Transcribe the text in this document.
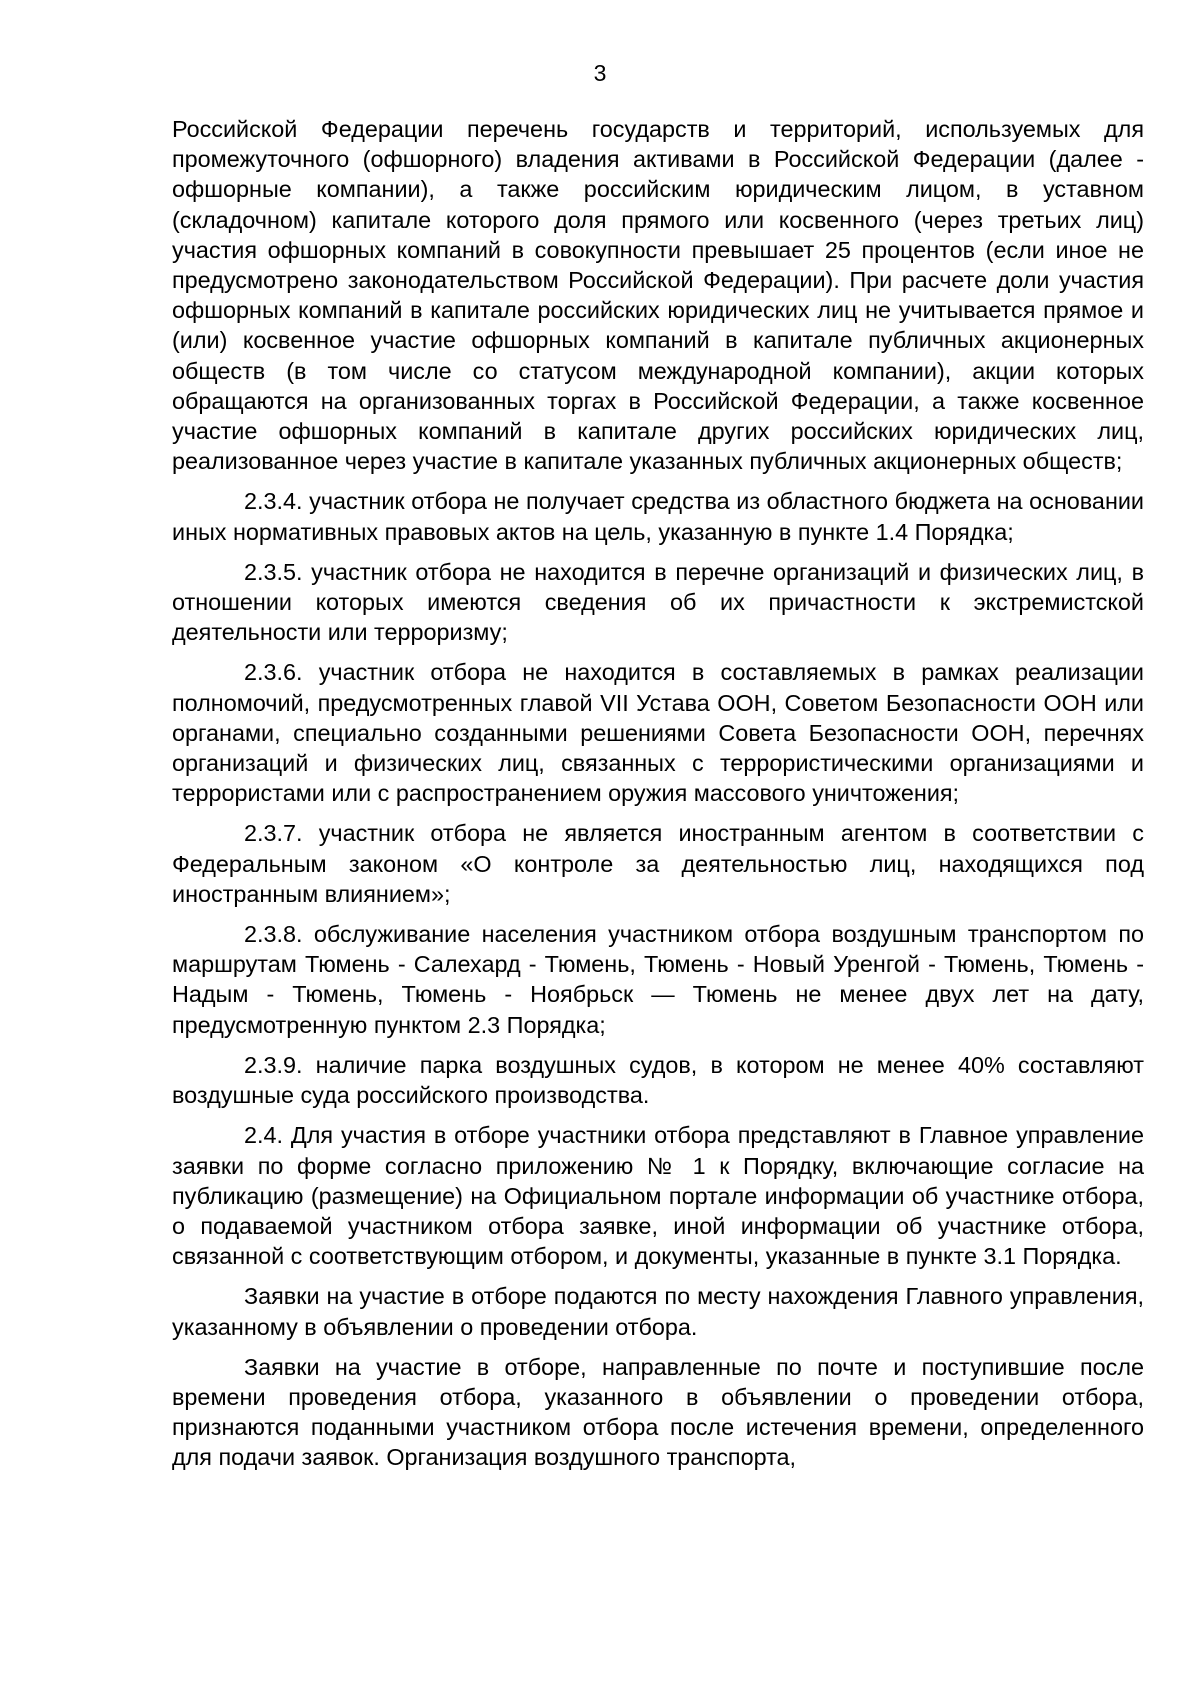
3

Российской Федерации перечень государств и территорий, используемых для промежуточного (офшорного) владения активами в Российской Федерации (далее - офшорные компании), а также российским юридическим лицом, в уставном (складочном) капитале которого доля прямого или косвенного (через третьих лиц) участия офшорных компаний в совокупности превышает 25 процентов (если иное не предусмотрено законодательством Российской Федерации). При расчете доли участия офшорных компаний в капитале российских юридических лиц не учитывается прямое и (или) косвенное участие офшорных компаний в капитале публичных акционерных обществ (в том числе со статусом международной компании), акции которых обращаются на организованных торгах в Российской Федерации, а также косвенное участие офшорных компаний в капитале других российских юридических лиц, реализованное через участие в капитале указанных публичных акционерных обществ;

2.3.4. участник отбора не получает средства из областного бюджета на основании иных нормативных правовых актов на цель, указанную в пункте 1.4 Порядка;

2.3.5. участник отбора не находится в перечне организаций и физических лиц, в отношении которых имеются сведения об их причастности к экстремистской деятельности или терроризму;

2.3.6. участник отбора не находится в составляемых в рамках реализации полномочий, предусмотренных главой VII Устава ООН, Советом Безопасности ООН или органами, специально созданными решениями Совета Безопасности ООН, перечнях организаций и физических лиц, связанных с террористическими организациями и террористами или с распространением оружия массового уничтожения;

2.3.7. участник отбора не является иностранным агентом в соответствии с Федеральным законом «О контроле за деятельностью лиц, находящихся под иностранным влиянием»;

2.3.8. обслуживание населения участником отбора воздушным транспортом по маршрутам Тюмень - Салехард - Тюмень, Тюмень - Новый Уренгой - Тюмень, Тюмень - Надым - Тюмень, Тюмень - Ноябрьск — Тюмень не менее двух лет на дату, предусмотренную пунктом 2.3 Порядка;

2.3.9. наличие парка воздушных судов, в котором не менее 40% составляют воздушные суда российского производства.

2.4. Для участия в отборе участники отбора представляют в Главное управление заявки по форме согласно приложению № 1 к Порядку, включающие согласие на публикацию (размещение) на Официальном портале информации об участнике отбора, о подаваемой участником отбора заявке, иной информации об участнике отбора, связанной с соответствующим отбором, и документы, указанные в пункте 3.1 Порядка.

Заявки на участие в отборе подаются по месту нахождения Главного управления, указанному в объявлении о проведении отбора.

Заявки на участие в отборе, направленные по почте и поступившие после времени проведения отбора, указанного в объявлении о проведении отбора, признаются поданными участником отбора после истечения времени, определенного для подачи заявок. Организация воздушного транспорта,
